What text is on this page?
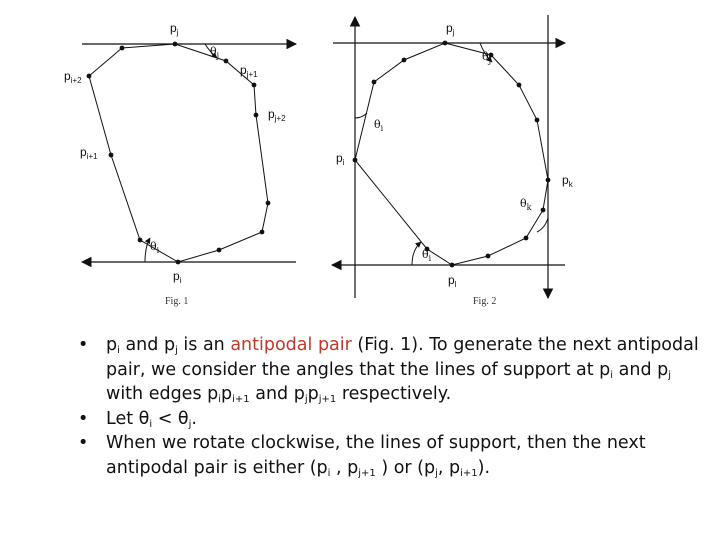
$p_j$
$\theta_j$
$p_{j+1}$
$p_{j+2}$
$p_{i+2}$
$p_{i+1}$
$\theta_i$
$p_i$
Fig. 1
$p_j$
$\theta_j$
$\theta_i$
$p_i$
$p_k$
$\theta_k$
$\theta_i$
$p_l$
Fig. 2
• $p_i$ and $p_j$ is an antipodal pair (Fig. 1). To generate the next antipodal pair, we consider the angles that the lines of support at $p_i$ and $p_j$ with edges $p_ip_{i+1}$ and $p_jp_{j+1}$ respectively.
• Let $\theta_i < \theta_j$.
• When we rotate clockwise, the lines of support, then the next antipodal pair is either ($p_i$ , $p_{j+1}$ ) or ($p_j$, $p_{i+1}$).
